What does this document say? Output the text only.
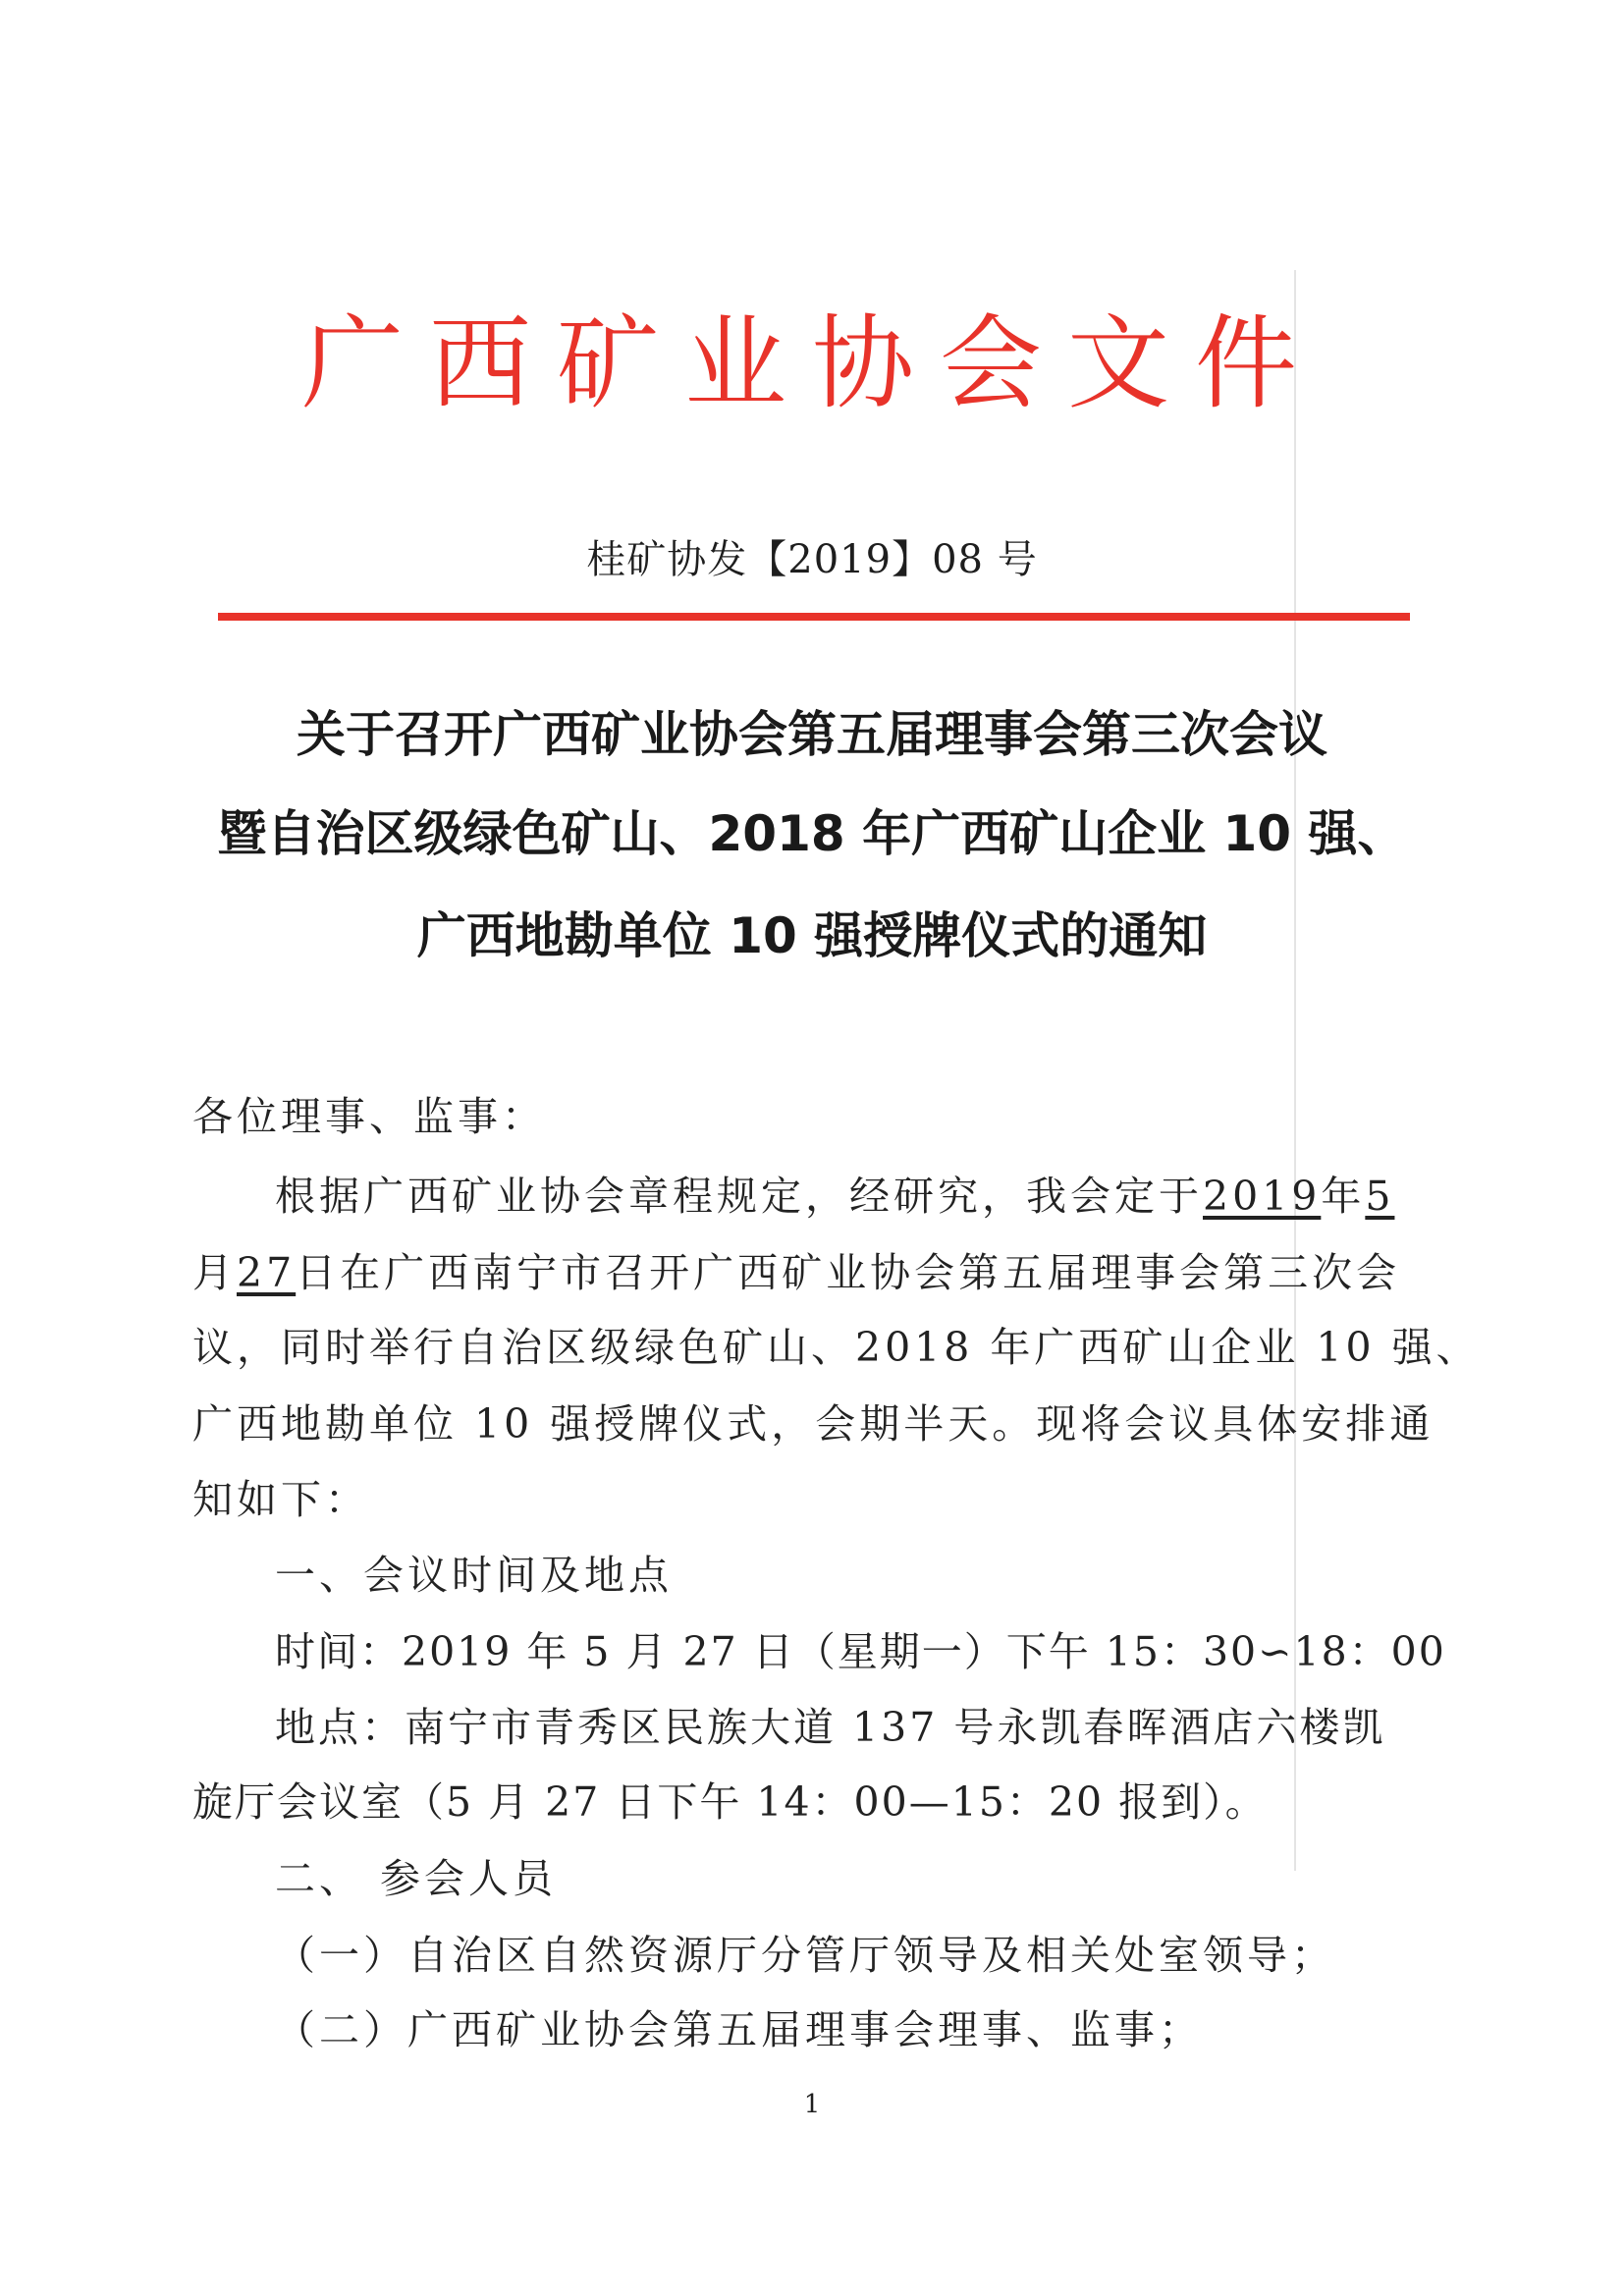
广西矿业协会文件
桂矿协发【2019】08 号
关于召开广西矿业协会第五届理事会第三次会议
暨自治区级绿色矿山、2018 年广西矿山企业 10 强、
广西地勘单位 10 强授牌仪式的通知
各位理事、监事：
根据广西矿业协会章程规定，经研究，我会定于2019年5
月27日在广西南宁市召开广西矿业协会第五届理事会第三次会
议，同时举行自治区级绿色矿山、2018 年广西矿山企业 10 强、
广西地勘单位 10 强授牌仪式，会期半天。现将会议具体安排通
知如下：
一、会议时间及地点
时间：2019 年 5 月 27 日（星期一）下午 15：30∽18：00
地点：南宁市青秀区民族大道 137 号永凯春晖酒店六楼凯
旋厅会议室（5 月 27 日下午 14：00—15：20 报到）。
二、 参会人员
（一）自治区自然资源厅分管厅领导及相关处室领导；
（二）广西矿业协会第五届理事会理事、监事；
1
